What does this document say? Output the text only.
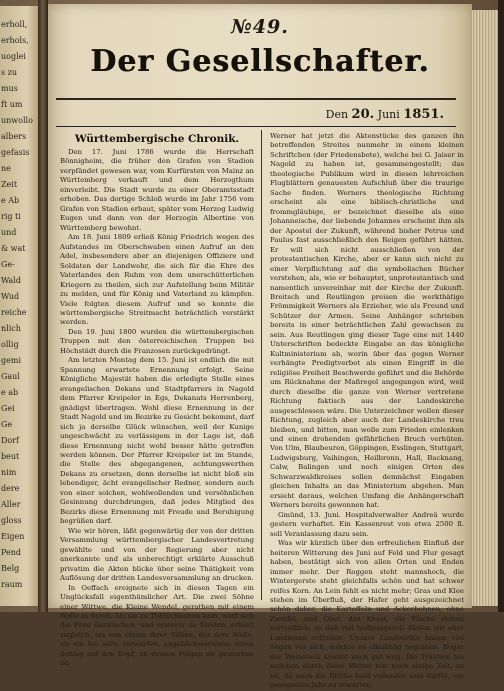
erholl,
erhols,
uoglei
s zu
mus
ft um
unwollo
albers
gefasis
ne
Zeit
e Ab
rig ti
und
& wat
Ge-
Wald
Wud
reiche
nlich
ollig
gemi
Gaul
e ab
Gei
Ge
Dorf
beut
nim
dere
Aller
gloss
Eigen
Pend
Belg
raum
№49.
Der Gesellschafter.
Den 20. Juni 1851.
Württembergische Chronik.

Den 17. Juni 1786 wurde die Herrschaft Bönnigheim, die früher den Grafen von Stadion verpfändet gewesen war, vom Kurfürsten von Mainz an Württemberg verkauft und dem Herzogthum einverleibt. Die Stadt wurde zu einer Oberamtsstadt erhoben. Das dortige Schloß wurde im Jahr 1756 vom Grafen von Stadion erbaut, später vom Herzog Ludwig Eugen und dann von der Herzogin Albertine von Württemberg bewohnt.

Am 18. Juni 1809 erließ König Friedrich wegen des Aufstandes im Oberschwaben einen Aufruf an den Adel, insbesondere aber an diejenigen Offiziere und Soldaten der Landwehr, die sich für die Ehre des Vaterlandes den Ruhm von dem unerschütterlichen Kriegern zu theilen, sich zur Aufstellung beim Militär zu melden, und für König und Vaterland zu kämpfen. Viele folgten diesem Aufruf und so konnte die württembergische Streitmacht beträchtlich verstärkt werden.

Den 19. Juni 1800 wurden die württembergischen Truppen mit den österreichischen Truppen bei Höchstädt durch die Franzosen zurückgedrängt.

Am letzten Montag dem 15. Juni ist endlich die mit Spannung erwartete Ernennung erfolgt. Seine Königliche Majestät haben die erledigte Stelle eines evangelischen Dekans und Stadtpfarrers in Nagold dem Pfarrer Kreipeler in Egs, Dekanats Herrenberg, gnädigst übertragen. Wohl diese Ernennung in der Stadt Nagold und im Bezirke zu Gesicht bekommt, darf sich ja derselbe Glück wünschen, weil der Kunige ungeschwächt zu verlässigem in der Lage ist, daß diese Ernennung nicht wohl besser hätte getroffen werden können. Der Pfarrer Kreipeler ist im Stande, die Stelle des abgegangenen, achtungswerthen Dekans zu ersetzen, denn derselbe ist nicht bloß ein lebendiger, ächt evangelischer Redner, sondern auch von einer solchen, wohlwollenden und versöhnlichen Gesinnung durchdrungen, daß jedes Mitglied des Bezirks diese Ernennung mit Freude und Beruhigung begrüßen darf.

Wie wir hören, läßt gegenwärtig der von der dritten Versammlung württembergischer Landesvertretung gewählte und von der Regierung aber nicht anerkannte und als unberechtigt erklärte Ausschuß privatim die Akten blicke über seine Thätigkeit vom Auflösung der dritten Landesversammlung an drucken.

In Oeffach ereignete sich in diesen Tagen ein Unglücksfall eigenthümlicher Art. Die zwei Söhne einer Wittwe, die Kleine Wendel, gerathen mit einem Walle in Streit. Als sie zu Thätlichkeiten kam, warf sich die Frau dazwischen, und ersterer zu fürsten, erhielt zugleich, als von einem ihrer Söhne, der dem Walle, als ein bei seite verwerfen, angeblichwerweise einen Schlag auf den Kopf, an dessen Folgen sie gestorben ist.

Werner hat jetzt die Aktenstücke des ganzen ihn betreffenden Streites nunmehr in einem kleinen Schriftchen (der Friedensbote), welche bei G. Jaiser in Nagold zu haben ist, gesammengestellt; das theologische Publikum wird in diesen lehrreichen Flugblättern genauesten Aufschluß über die traurige Sache finden. Werners theologische Richtung erscheint als eine biblisch-christliche und frommgläubige, er bezeichnet dieselbe als eine Johanneische, der liebende Johannes erscheint ihm als der Apostel der Zukunft, während bisher Petrus und Paulus fast ausschließlich den Reigen geführt hätten. Er will sich nicht ausschließen von der protestantischen Kirche, aber er kann sich nicht zu einer Verpflichtung auf die symbolischen Bücher verstehen, als, wie er behauptet, unprotestantisch und namentlich unvereinbar mit der Kirche der Zukunft. Breitsch und Reutlingen preisen die werkthätige Frömmigkeit Werners als Erzieher, wie als Freund und Schützer der Armen. Seine Anhänger schrieben bereits in einer beträchtlichen Zahl gewachsen zu sein. Aus Reutlingen ging dieser Tage eine mit 1440 Unterschriften bedeckte Eingabe an das königliche Kultministerium ab, worin über das gegen Werner verhängte Predigtverbot als einen Eingriff in die religiöse Freiheit Beschwerde geführt und die Behörde um Rücknahme der Maßregel angegangen wird, weil durch dieselbe die ganze von Werner vertretene Richtung faktisch aus der Landeskirche ausgeschlossen wäre. Die Unterzeichner wollen dieser Richtung, zugleich aber auch der Landeskirche treu bleiben, und bitten, man wolle zum Frieden einlenken und einen drohenden gefährlichen Bruch verhüten. Von Ulm, Blaubeuren, Göppingen, Esslingen, Stuttgart, Ludwigsburg, Vaihingen, Heilbronn, Hall, Backnang, Calw, Balingen und noch einigen Orten des Schwarzwaldkreises sollen demnächst Eingaben gleichen Inhalts an das Ministerium abgehen. Man ersieht daraus, welchen Umfang die Anhängerschaft Werners bereits gewonnen hat.

Gmünd, 13. Juni. Hospitalverwalter Andreä wurde gestern verhaftet. Ein Kassenrest von etwa 2500 fl. soll Veranlassung dazu sein.

Was wir kürzlich über den erfreulichen Einfluß der heiteren Witterung des Juni auf Feld und Flur gesagt haben, bestätigt sich von allen Orten und Enden immer mehr. Der Roggen steht mannshoch, die Wintergerste steht gleichfalls schön und hat schwer reifes Korn. An Lein fehlt es nicht mehr; Gras und Klee stehen im Überfluß, der Hafer geht ausgezeichnet schön daher, die Kartoffeln und Ackerbohnen, ohne Zweifel, und Obst, das Kraut, die Flachs stehen vortrefflich, so daß viel hoffnungsvoll dürfen wir eher Landmann erfreuen. Unsere Landwirthe haben viel Segen vor sich, möchte es allmählig beginnen. Bogar der Weinstock kommt noch gut weg. Die Trauben bei welchen durch diese Wetter nur noch einige Zeit, so ist, da auch die Blüthe bald vollendet sein dürfte, ein gesegnetes Jahr zu erwarten.
